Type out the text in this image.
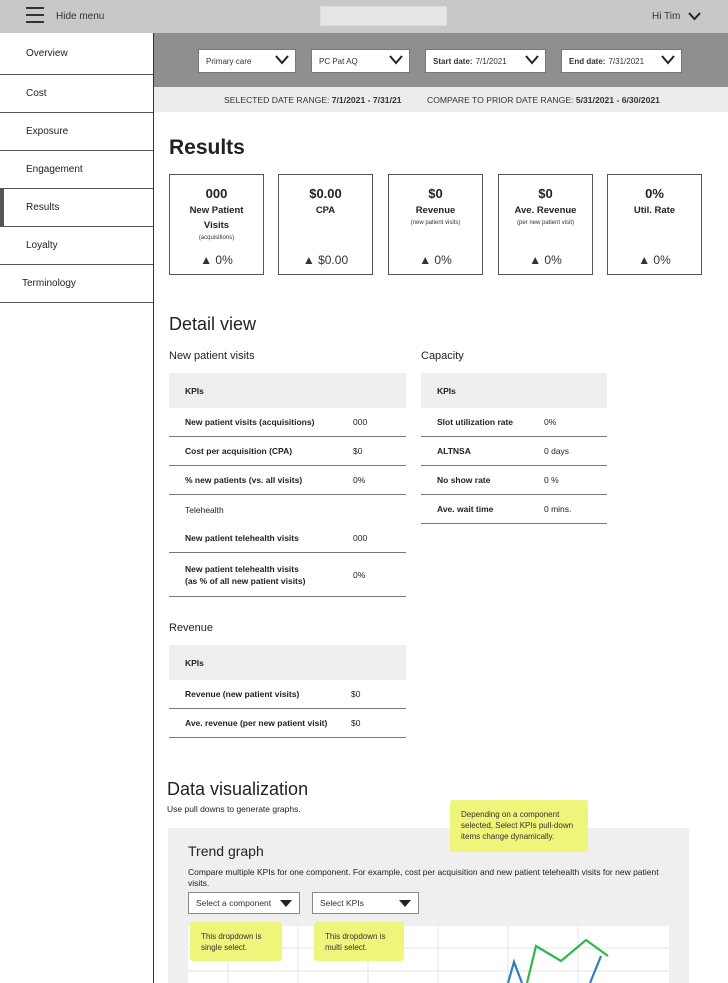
Hide menu	Hi Tim
Overview
Cost
Exposure
Engagement
Results
Loyalty
Terminology
Primary care	PC Pat AQ	Start date: 7/1/2021	End date: 7/31/2021
SELECTED DATE RANGE: 7/1/2021 - 7/31/21	COMPARE TO PRIOR DATE RANGE: 5/31/2021 - 6/30/2021
Results
000
New Patient Visits
(acquisitions)
▲ 0%
$0.00
CPA
▲ $0.00
$0
Revenue
(new patient visits)
▲ 0%
$0
Ave. Revenue
(per new patient visit)
▲ 0%
0%
Util. Rate
▲ 0%
Detail view
New patient visits
KPIs
New patient visits (acquisitions)	000
Cost per acquisition (CPA)	$0
% new patients (vs. all visits)	0%
Telehealth
New patient telehealth visits	000
New patient telehealth visits
(as % of all new patient visits)
0%
Capacity
KPIs
Slot utilization rate	0%
ALTNSA	0 days
No show rate	0 %
Ave. wait time	0 mins.
Revenue
KPIs
Revenue (new patient visits)	$0
Ave. revenue (per new patient visit)	$0
Data visualization
Use pull downs to generate graphs.
Trend graph
Compare multiple KPIs for one component. For example, cost per acquisition and new patient telehealth visits for new patient visits.
Select a component	Select KPIs
Depending on a component selected, Select KPIs pull-down items change dynamically.
This dropdown is single select.
This dropdown is multi select.
